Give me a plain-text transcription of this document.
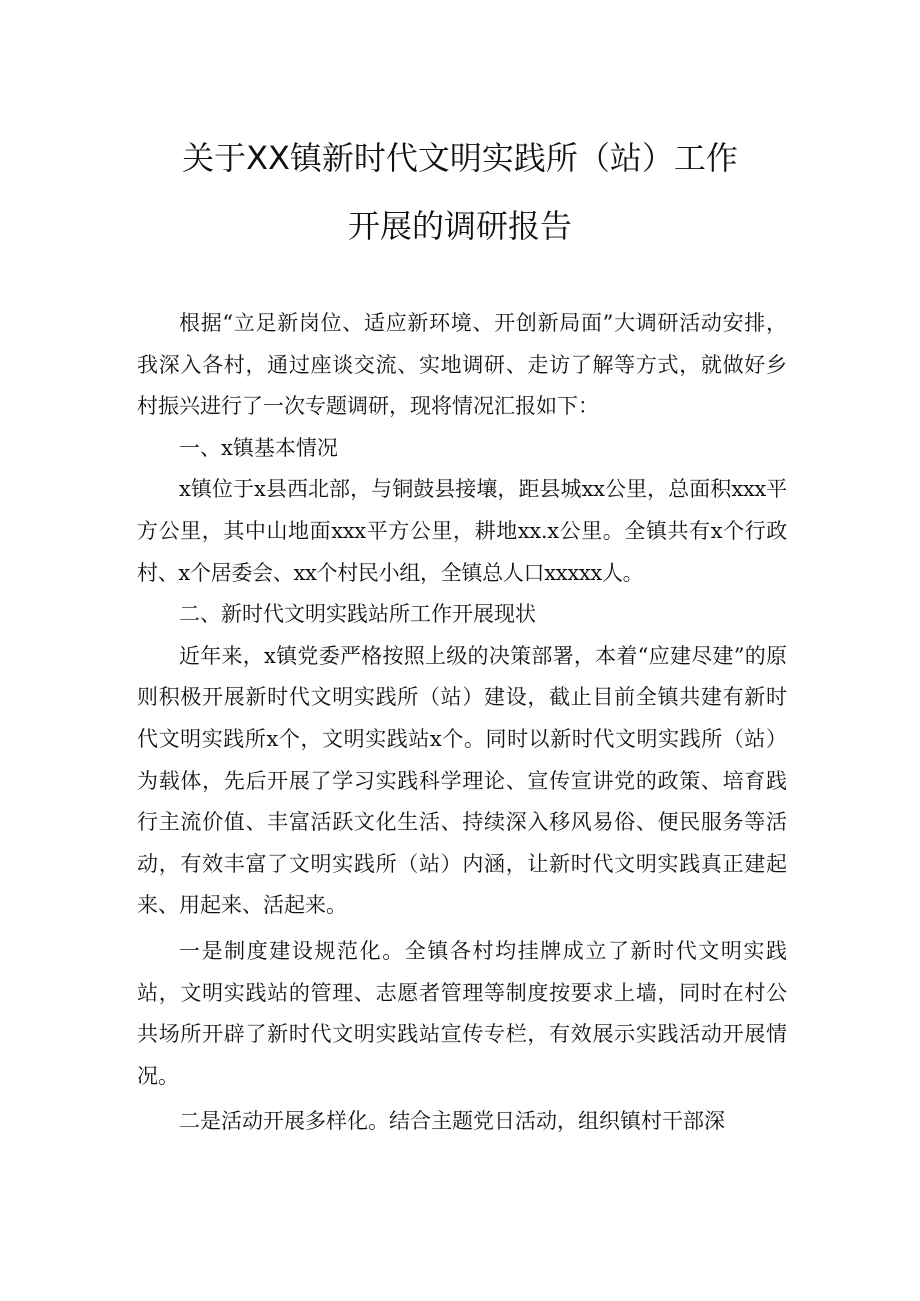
关于XX镇新时代文明实践所（站）工作
开展的调研报告

根据“立足新岗位、适应新环境、开创新局面”大调研活动安排，我深入各村，通过座谈交流、实地调研、走访了解等方式，就做好乡村振兴进行了一次专题调研，现将情况汇报如下：

一、x镇基本情况

x镇位于x县西北部，与铜鼓县接壤，距县城xx公里，总面积xxx平方公里，其中山地面xxx平方公里，耕地xx.x公里。全镇共有x个行政村、x个居委会、xx个村民小组，全镇总人口xxxxx人。

二、新时代文明实践站所工作开展现状

近年来，x镇党委严格按照上级的决策部署，本着“应建尽建”的原则积极开展新时代文明实践所（站）建设，截止目前全镇共建有新时代文明实践所x个，文明实践站x个。同时以新时代文明实践所（站）为载体，先后开展了学习实践科学理论、宣传宣讲党的政策、培育践行主流价值、丰富活跃文化生活、持续深入移风易俗、便民服务等活动，有效丰富了文明实践所（站）内涵，让新时代文明实践真正建起来、用起来、活起来。

一是制度建设规范化。全镇各村均挂牌成立了新时代文明实践站，文明实践站的管理、志愿者管理等制度按要求上墙，同时在村公共场所开辟了新时代文明实践站宣传专栏，有效展示实践活动开展情况。

二是活动开展多样化。结合主题党日活动，组织镇村干部深
